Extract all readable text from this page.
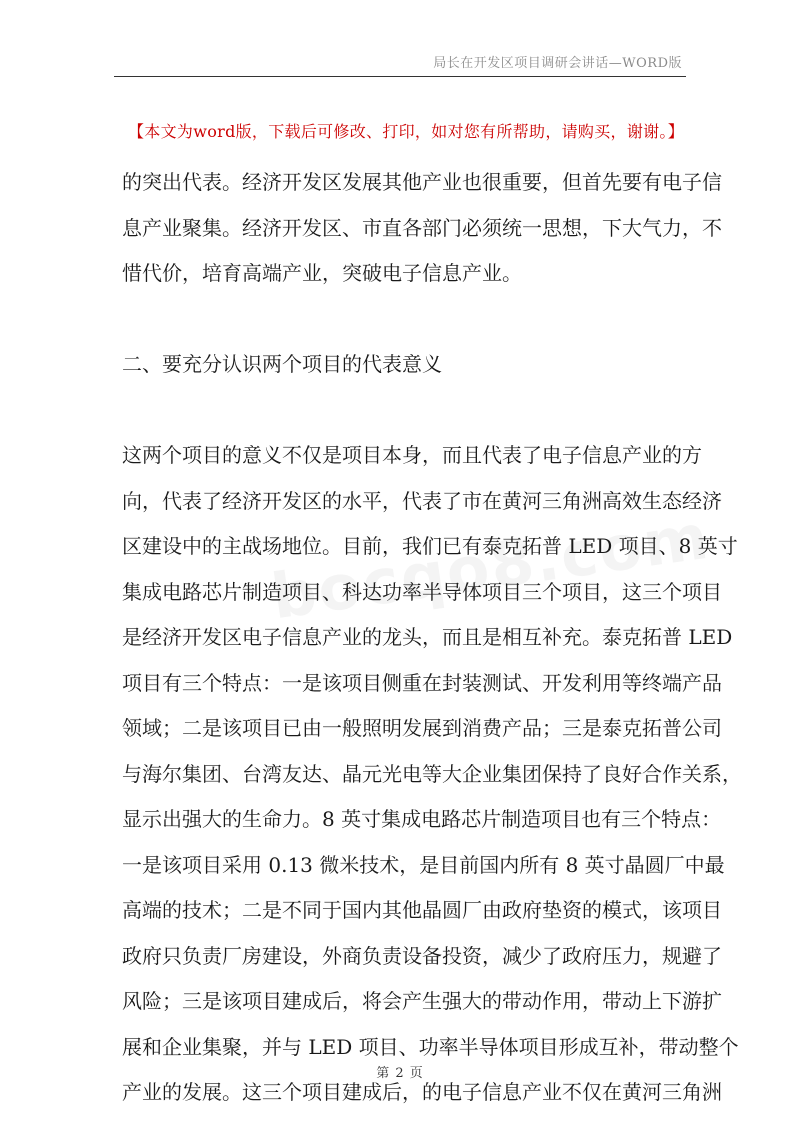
局长在开发区项目调研会讲话—WORD版
【本文为word版，下载后可修改、打印，如对您有所帮助，请购买，谢谢。】
的突出代表。经济开发区发展其他产业也很重要，但首先要有电子信
息产业聚集。经济开发区、市直各部门必须统一思想，下大气力，不
惜代价，培育高端产业，突破电子信息产业。
二、要充分认识两个项目的代表意义
这两个项目的意义不仅是项目本身，而且代表了电子信息产业的方
向，代表了经济开发区的水平，代表了市在黄河三角洲高效生态经济
区建设中的主战场地位。目前，我们已有泰克拓普 LED 项目、8 英寸
集成电路芯片制造项目、科达功率半导体项目三个项目，这三个项目
是经济开发区电子信息产业的龙头，而且是相互补充。泰克拓普 LED
项目有三个特点：一是该项目侧重在封装测试、开发利用等终端产品
领域；二是该项目已由一般照明发展到消费产品；三是泰克拓普公司
与海尔集团、台湾友达、晶元光电等大企业集团保持了良好合作关系，
显示出强大的生命力。8 英寸集成电路芯片制造项目也有三个特点：
一是该项目采用 0.13 微米技术，是目前国内所有 8 英寸晶圆厂中最
高端的技术；二是不同于国内其他晶圆厂由政府垫资的模式，该项目
政府只负责厂房建设，外商负责设备投资，减少了政府压力，规避了
风险；三是该项目建成后，将会产生强大的带动作用，带动上下游扩
展和企业集聚，并与 LED 项目、功率半导体项目形成互补，带动整个
产业的发展。这三个项目建成后，的电子信息产业不仅在黄河三角洲
第 2 页
